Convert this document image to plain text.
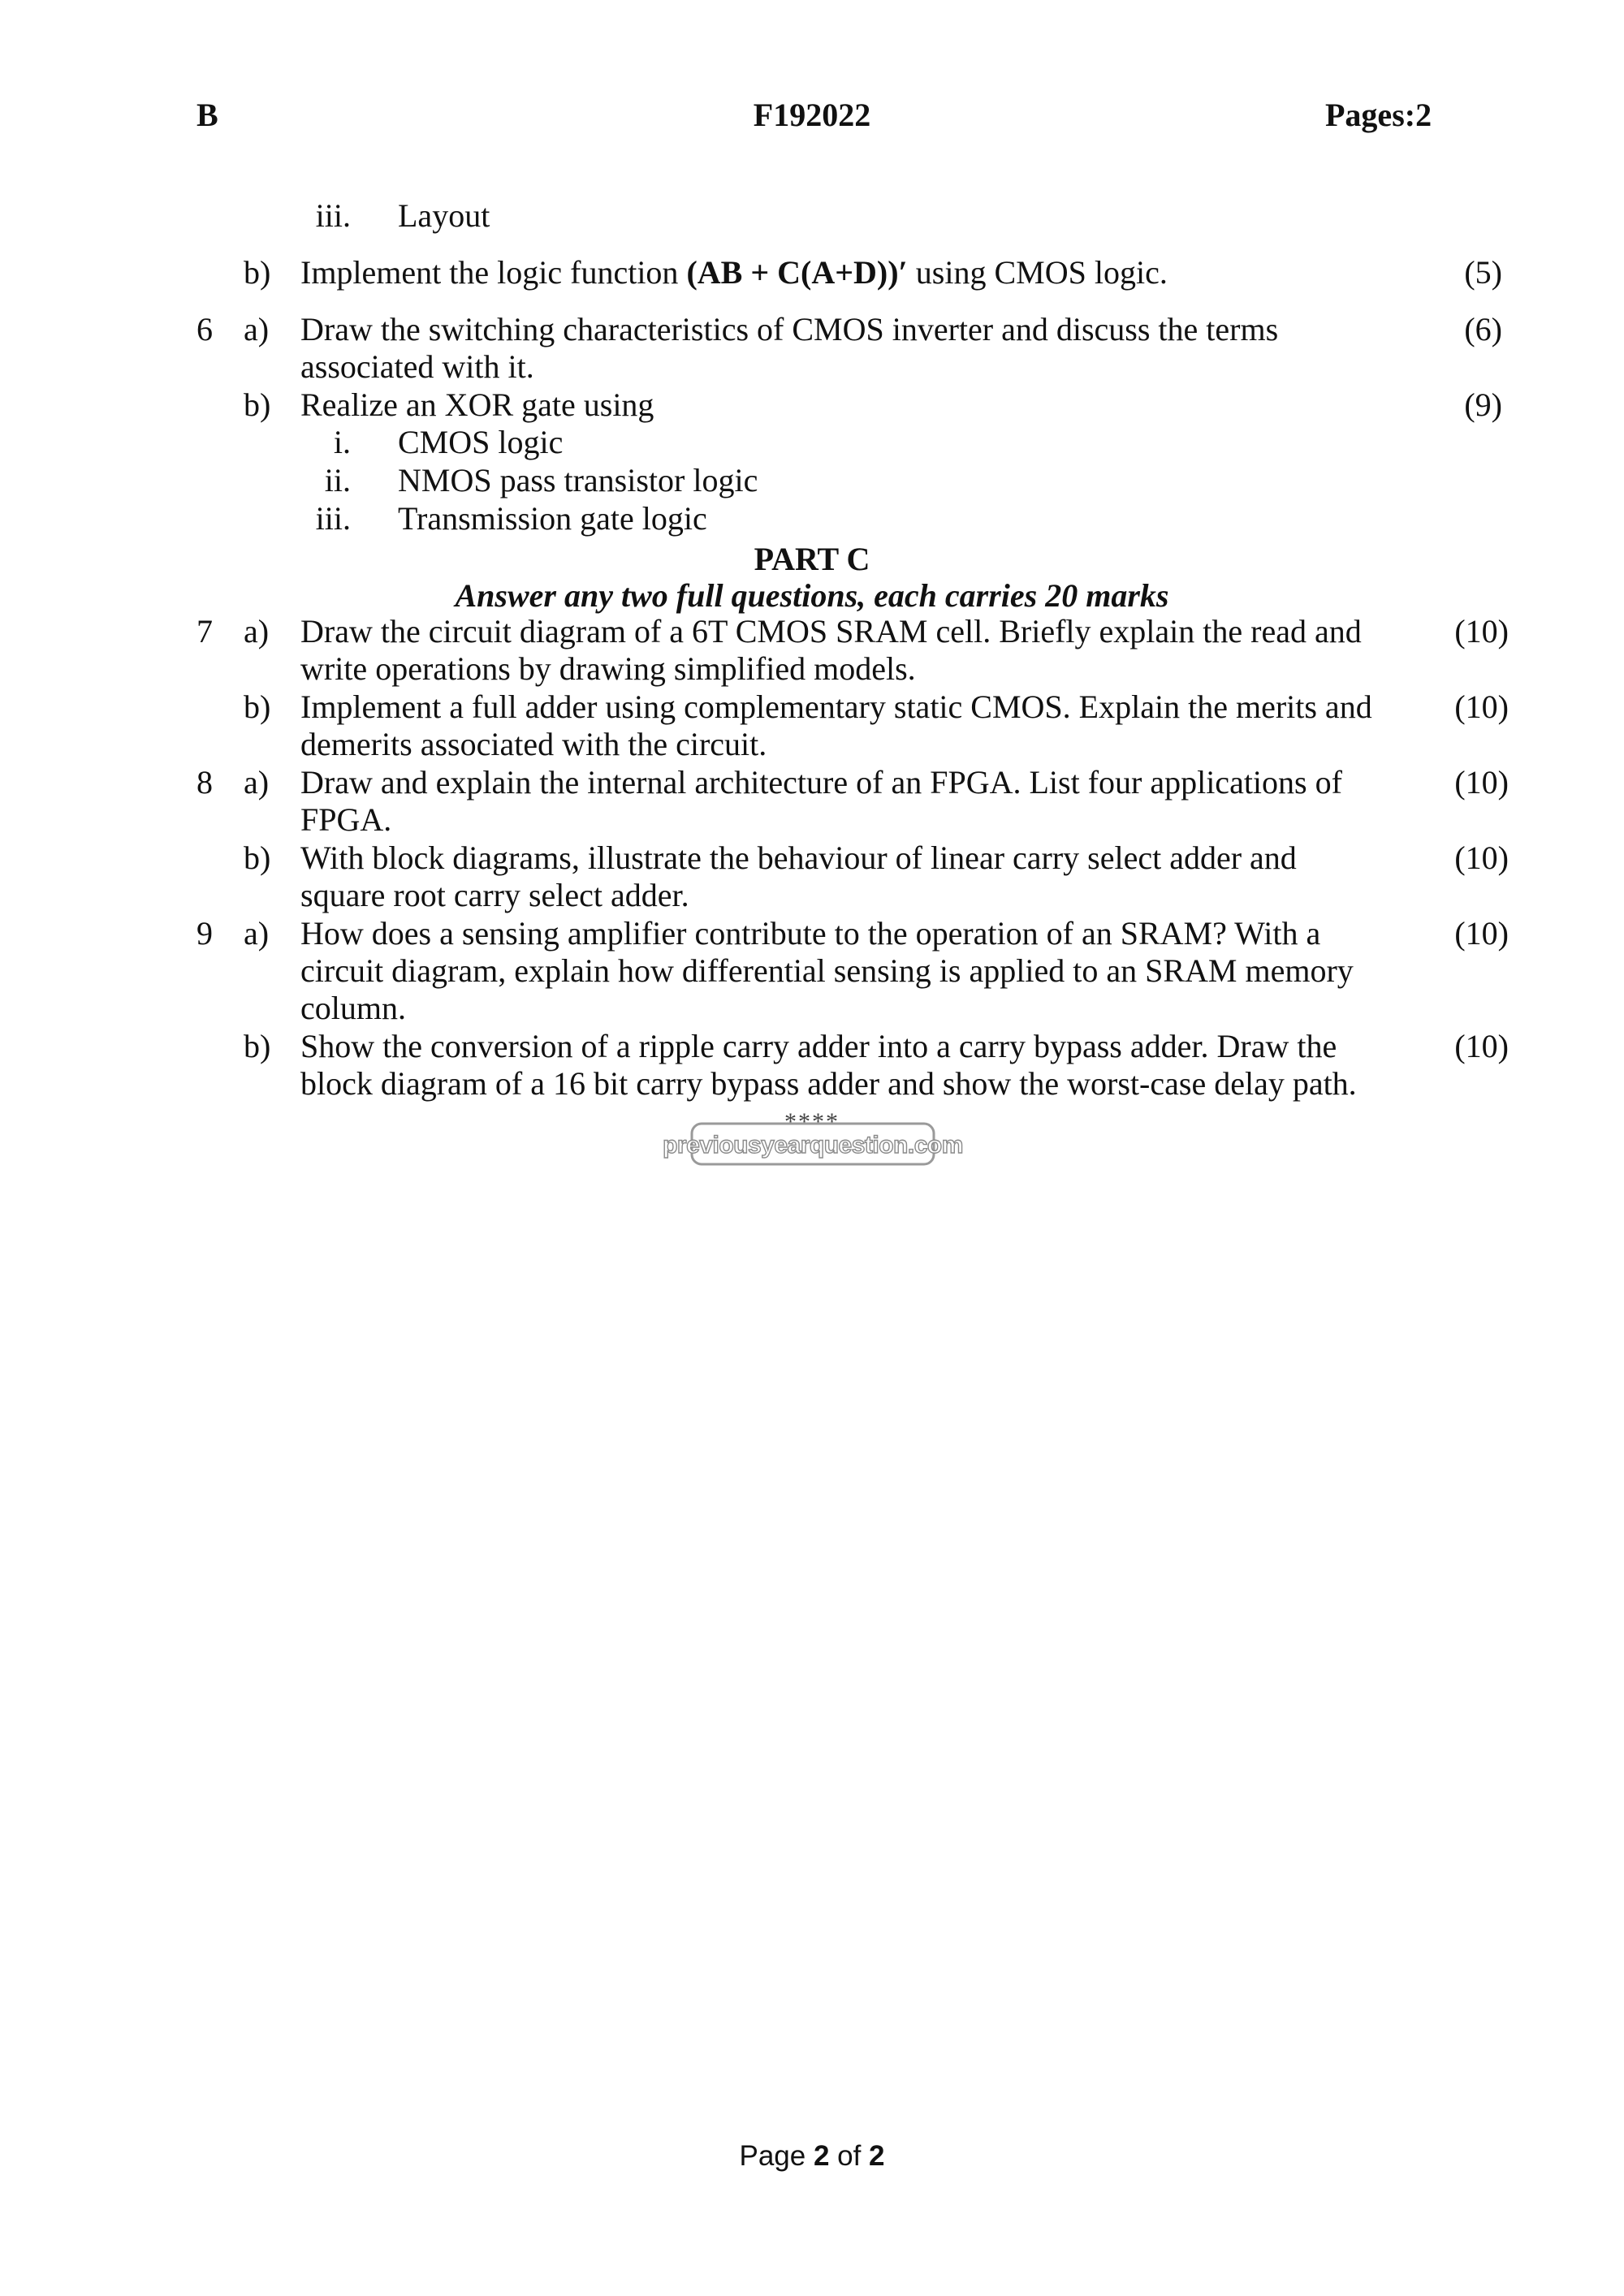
B	F192022	Pages:2
iii. Layout
b) Implement the logic function (AB + C(A+D))′ using CMOS logic.	(5)
6 a) Draw the switching characteristics of CMOS inverter and discuss the terms
associated with it.
(6)
b) Realize an XOR gate using	(9)
i. CMOS logic
ii. NMOS pass transistor logic
iii. Transmission gate logic
PART C
Answer any two full questions, each carries 20 marks
7 a) Draw the circuit diagram of a 6T CMOS SRAM cell. Briefly explain the read and
write operations by drawing simplified models.
(10)
b) Implement a full adder using complementary static CMOS. Explain the merits and
demerits associated with the circuit.
(10)
8 a) Draw and explain the internal architecture of an FPGA. List four applications of
FPGA.
(10)
b) With block diagrams, illustrate the behaviour of linear carry select adder and
square root carry select adder.
(10)
9 a) How does a sensing amplifier contribute to the operation of an SRAM? With a
circuit diagram, explain how differential sensing is applied to an SRAM memory
column.
(10)
b) Show the conversion of a ripple carry adder into a carry bypass adder. Draw the
block diagram of a 16 bit carry bypass adder and show the worst-case delay path.
(10)
****
previousyearquestion.com
Page 2 of 2
